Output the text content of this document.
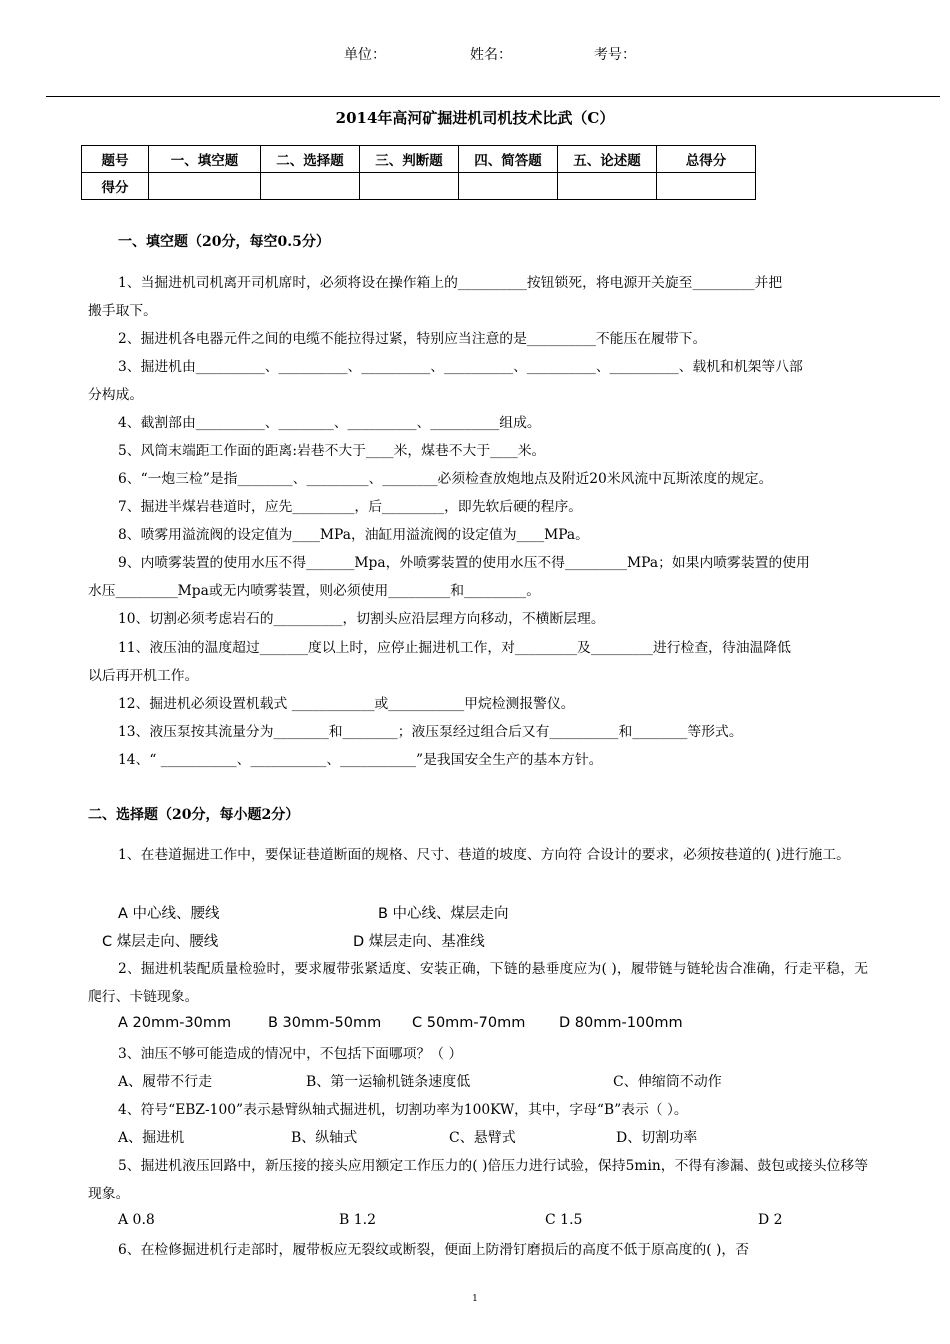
单位：	姓名：	考号：
2014年高河矿掘进机司机技术比武（C）
题号	一、填空题	二、选择题	三、判断题	四、简答题	五、论述题	总得分
得分						
一、填空题（20分，每空0.5分）
1、当掘进机司机离开司机席时，必须将设在操作箱上的__________按钮锁死，将电源开关旋至_________并把
搬手取下。
2、掘进机各电器元件之间的电缆不能拉得过紧，特别应当注意的是__________不能压在履带下。
3、掘进机由__________、__________、__________、__________、__________、__________、载机和机架等八部
分构成。
4、截割部由__________、________、__________、__________组成。
5、风筒末端距工作面的距离:岩巷不大于____米，煤巷不大于____米。
6、“一炮三检”是指________、_________、________必须检查放炮地点及附近20米风流中瓦斯浓度的规定。
7、掘进半煤岩巷道时，应先_________，后_________，即先软后硬的程序。
8、喷雾用溢流阀的设定值为____MPa，油缸用溢流阀的设定值为____MPa。
9、内喷雾装置的使用水压不得_______Mpa，外喷雾装置的使用水压不得_________MPa；如果内喷雾装置的使用
水压_________Mpa或无内喷雾装置，则必须使用_________和_________。
10、切割必须考虑岩石的__________，切割头应沿层理方向移动，不横断层理。
11、液压油的温度超过_______度以上时，应停止掘进机工作，对_________及_________进行检查，待油温降低
以后再开机工作。
12、掘进机必须设置机载式 ____________或___________甲烷检测报警仪。
13、液压泵按其流量分为________和________；液压泵经过组合后又有__________和________等形式。
14、“ ___________、___________、___________”是我国安全生产的基本方针。
二、选择题（20分，每小题2分）
1、在巷道掘进工作中，要保证巷道断面的规格、尺寸、巷道的坡度、方向符 合设计的要求，必须按巷道的( )进行施工。
A 中心线、腰线	B 中心线、煤层走向
C 煤层走向、腰线	D 煤层走向、基准线
2、掘进机装配质量检验时，要求履带张紧适度、安装正确，下链的悬垂度应为( )，履带链与链轮齿合准确，行走平稳，无爬行、卡链现象。
A 20mm-30mm	B 30mm-50mm C 50mm-70mm D 80mm-100mm
3、油压不够可能造成的情况中，不包括下面哪项？（ ）
A、履带不行走	B、第一运输机链条速度低	C、伸缩筒不动作
4、符号“EBZ-100”表示悬臂纵轴式掘进机，切割功率为100KW，其中，字母“B”表示（ ）。
A、掘进机	B、纵轴式	C、悬臂式	D、切割功率
5、掘进机液压回路中，新压接的接头应用额定工作压力的( )倍压力进行试验，保持5min，不得有渗漏、鼓包或接头位移等现象。
A 0.8	B 1.2	C 1.5	D 2
6、在检修掘进机行走部时，履带板应无裂纹或断裂，便面上防滑钉磨损后的高度不低于原高度的( )，否
1
